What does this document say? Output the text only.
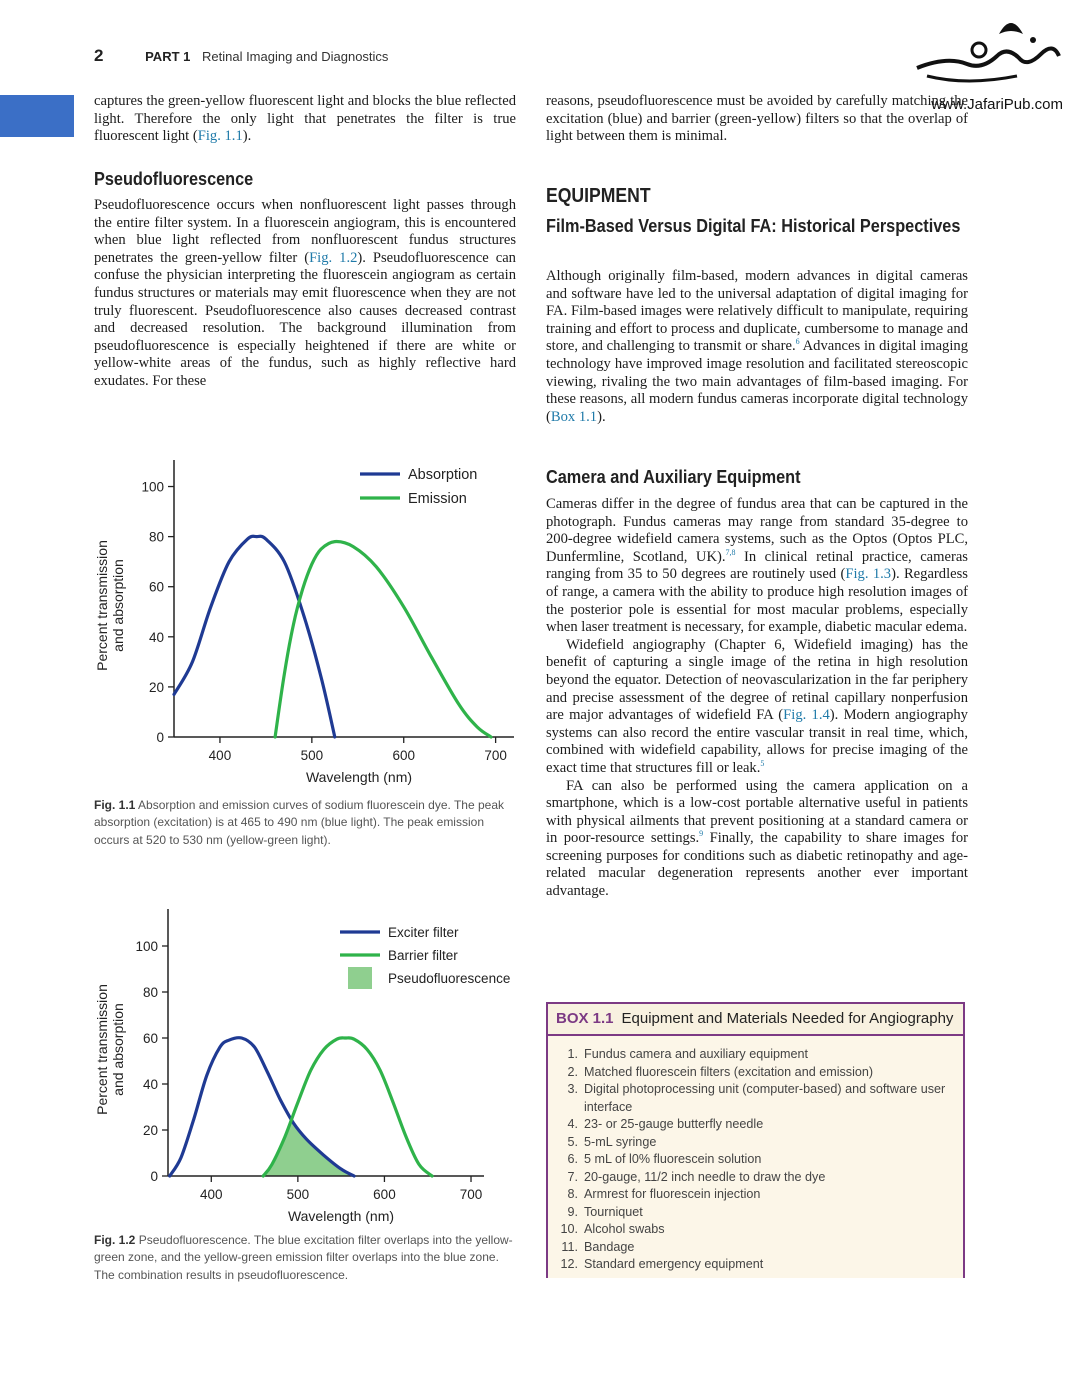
2	PART 1 Retinal Imaging and Diagnostics
www.JafariPub.com

captures the green-yellow fluorescent light and blocks the blue reflected light. Therefore the only light that penetrates the filter is true fluorescent light (Fig. 1.1).

Pseudofluorescence

Pseudofluorescence occurs when nonfluorescent light passes through the entire filter system. In a fluorescein angiogram, this is encountered when blue light reflected from nonfluorescent fundus structures penetrates the green-yellow filter (Fig. 1.2). Pseudofluorescence can confuse the physician interpreting the fluorescein angiogram as certain fundus structures or materials may emit fluorescence when they are not truly fluorescent. Pseudofluorescence also causes decreased contrast and decreased resolution. The background illumination from pseudofluorescence is especially heightened if there are white or yellow-white areas of the fundus, such as highly reflective hard exudates. For these

0
20
40
60
80
100
400	500	600	700
Wavelength (nm)
Percent transmission and absorption
Absorption
Emission
Fig. 1.1 Absorption and emission curves of sodium fluorescein dye. The peak absorption (excitation) is at 465 to 490 nm (blue light). The peak emission occurs at 520 to 530 nm (yellow-green light).
0
20
40
60
80
100
400	500	600	700
Wavelength (nm)
Percent transmission and absorption
Exciter filter
Barrier filter
Pseudofluorescence
Fig. 1.2 Pseudofluorescence. The blue excitation filter overlaps into the yellow-green zone, and the yellow-green emission filter overlaps into the blue zone. The combination results in pseudofluorescence.

reasons, pseudofluorescence must be avoided by carefully matching the excitation (blue) and barrier (green-yellow) filters so that the overlap of light between them is minimal.

EQUIPMENT
Film-Based Versus Digital FA: Historical Perspectives

Although originally film-based, modern advances in digital cameras and software have led to the universal adaptation of digital imaging for FA. Film-based images were relatively difficult to manipulate, requiring training and effort to process and duplicate, cumbersome to manage and store, and challenging to transmit or share.$^6$ Advances in digital imaging technology have improved image resolution and facilitated stereoscopic viewing, rivaling the two main advantages of film-based imaging. For these reasons, all modern fundus cameras incorporate digital technology (Box 1.1).

Camera and Auxiliary Equipment

Cameras differ in the degree of fundus area that can be captured in the photograph. Fundus cameras may range from standard 35-degree to 200-degree widefield camera systems, such as the Optos (Optos PLC, Dunfermline, Scotland, UK).$^{7,8}$ In clinical retinal practice, cameras ranging from 35 to 50 degrees are routinely used (Fig. 1.3). Regardless of range, a camera with the ability to produce high resolution images of the posterior pole is essential for most macular problems, especially when laser treatment is necessary, for example, diabetic macular edema.

Widefield angiography (Chapter 6, Widefield imaging) has the benefit of capturing a single image of the retina in high resolution beyond the equator. Detection of neovascularization in the far periphery and precise assessment of the degree of retinal capillary nonperfusion are major advantages of widefield FA (Fig. 1.4). Modern angiography systems can also record the entire vascular transit in real time, which, combined with widefield capability, allows for precise imaging of the exact time that structures fill or leak.$^5$

FA can also be performed using the camera application on a smartphone, which is a low-cost portable alternative useful in patients with physical ailments that prevent positioning at a standard camera or in poor-resource settings.$^9$ Finally, the capability to share images for screening purposes for conditions such as diabetic retinopathy and age-related macular degeneration represents another ever important advantage.

BOX 1.1 Equipment and Materials Needed for Angiography
1. Fundus camera and auxiliary equipment
2. Matched fluorescein filters (excitation and emission)
3. Digital photoprocessing unit (computer-based) and software user interface
4. 23- or 25-gauge butterfly needle
5. 5-mL syringe
6. 5 mL of l0% fluorescein solution
7. 20-gauge, 11/2 inch needle to draw the dye
8. Armrest for fluorescein injection
9. Tourniquet
10. Alcohol swabs
11. Bandage
12. Standard emergency equipment
